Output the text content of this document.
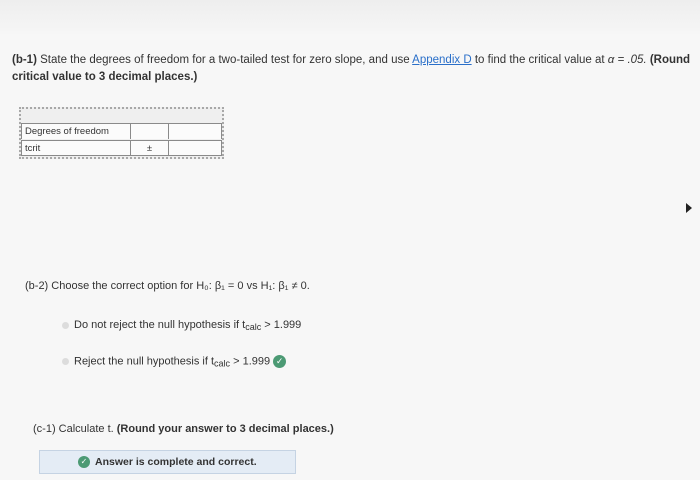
(b-1) State the degrees of freedom for a two-tailed test for zero slope, and use Appendix D to find the critical value at α = .05. (Round critical value to 3 decimal places.)
Degrees of freedom
tcrit	±
(b-2) Choose the correct option for H₀: β₁ = 0 vs H₁: β₁ ≠ 0.
Do not reject the null hypothesis if $t_{calc} > 1.999$
Reject the null hypothesis if $t_{calc} > 1.999$ ✓
(c-1) Calculate t. (Round your answer to 3 decimal places.)
✓ Answer is complete and correct.
